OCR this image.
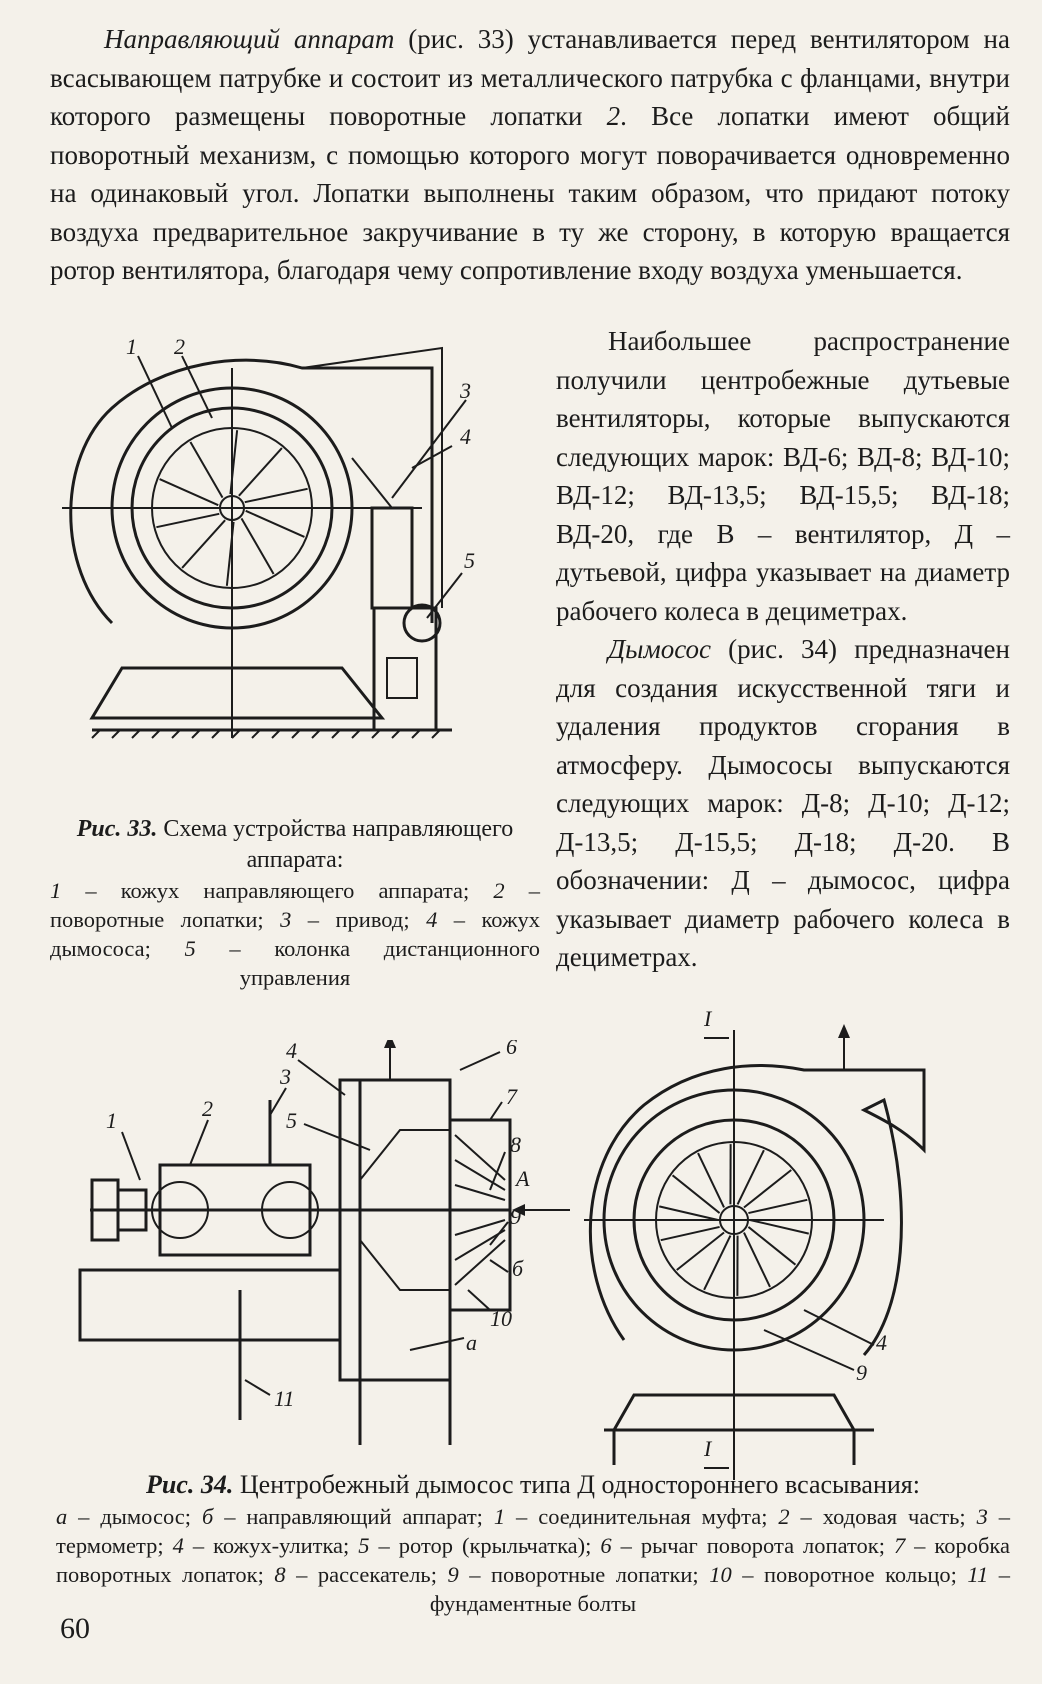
Направляющий аппарат (рис. 33) устанавливается перед вентилятором на всасывающем патрубке и состоит из металлического патрубка с фланцами, внутри которого размещены поворотные лопатки 2. Все лопатки имеют общий поворотный механизм, с помощью которого могут поворачивается одновременно на одинаковый угол. Лопатки выполнены таким образом, что придают потоку воздуха предварительное закручивание в ту же сторону, в которую вращается ротор вентилятора, благодаря чему сопротивление входу воздуха уменьшается.
1 2
3
4
5
Рис. 33. Схема устройства направляющего аппарата:
1 – кожух направляющего аппарата; 2 – поворотные лопатки; 3 – привод; 4 – кожух дымососа; 5 – колонка дистанционного управления

Наибольшее распространение получили центробежные дутьевые вентиляторы, которые выпускаются следующих марок: ВД-6; ВД-8; ВД-10; ВД-12; ВД-13,5; ВД-15,5; ВД-18; ВД-20, где В – вентилятор, Д – дутьевой, цифра указывает на диаметр рабочего колеса в дециметрах.

Дымосос (рис. 34) предназначен для создания искусственной тяги и удаления продуктов сгорания в атмосферу. Дымососы выпускаются следующих марок: Д-8; Д-10; Д-12; Д-13,5; Д-15,5; Д-18; Д-20. В обозначении: Д – дымосос, цифра указывает диаметр рабочего колеса в дециметрах.

1	2
3
4
5
6
7
8
A
9
б
10
а
11
I
I
4
9
Рис. 34. Центробежный дымосос типа Д одностороннего всасывания:
а – дымосос; б – направляющий аппарат; 1 – соединительная муфта; 2 – ходовая часть; 3 – термометр; 4 – кожух-улитка; 5 – ротор (крыльчатка); 6 – рычаг поворота лопаток; 7 – коробка поворотных лопаток; 8 – рассекатель; 9 – поворотные лопатки; 10 – поворотное кольцо; 11 – фундаментные болты
60
